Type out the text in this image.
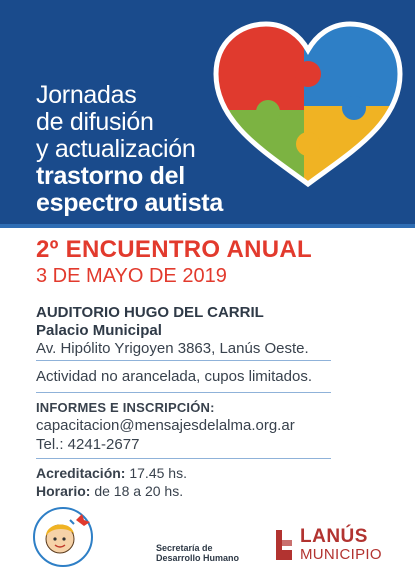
Jornadas
de difusión
y actualización
trastorno del
espectro autista
2º ENCUENTRO ANUAL
3 DE MAYO DE 2019
AUDITORIO HUGO DEL CARRIL
Palacio Municipal
Av. Hipólito Yrigoyen 3863, Lanús Oeste.
Actividad no arancelada, cupos limitados.
INFORMES E INSCRIPCIÓN:
capacitacion@mensajesdelalma.org.ar
Tel.: 4241-2677
Acreditación: 17.45 hs.
Horario: de 18 a 20 hs.
Secretaría de
Desarrollo Humano
LANÚS
MUNICIPIO
